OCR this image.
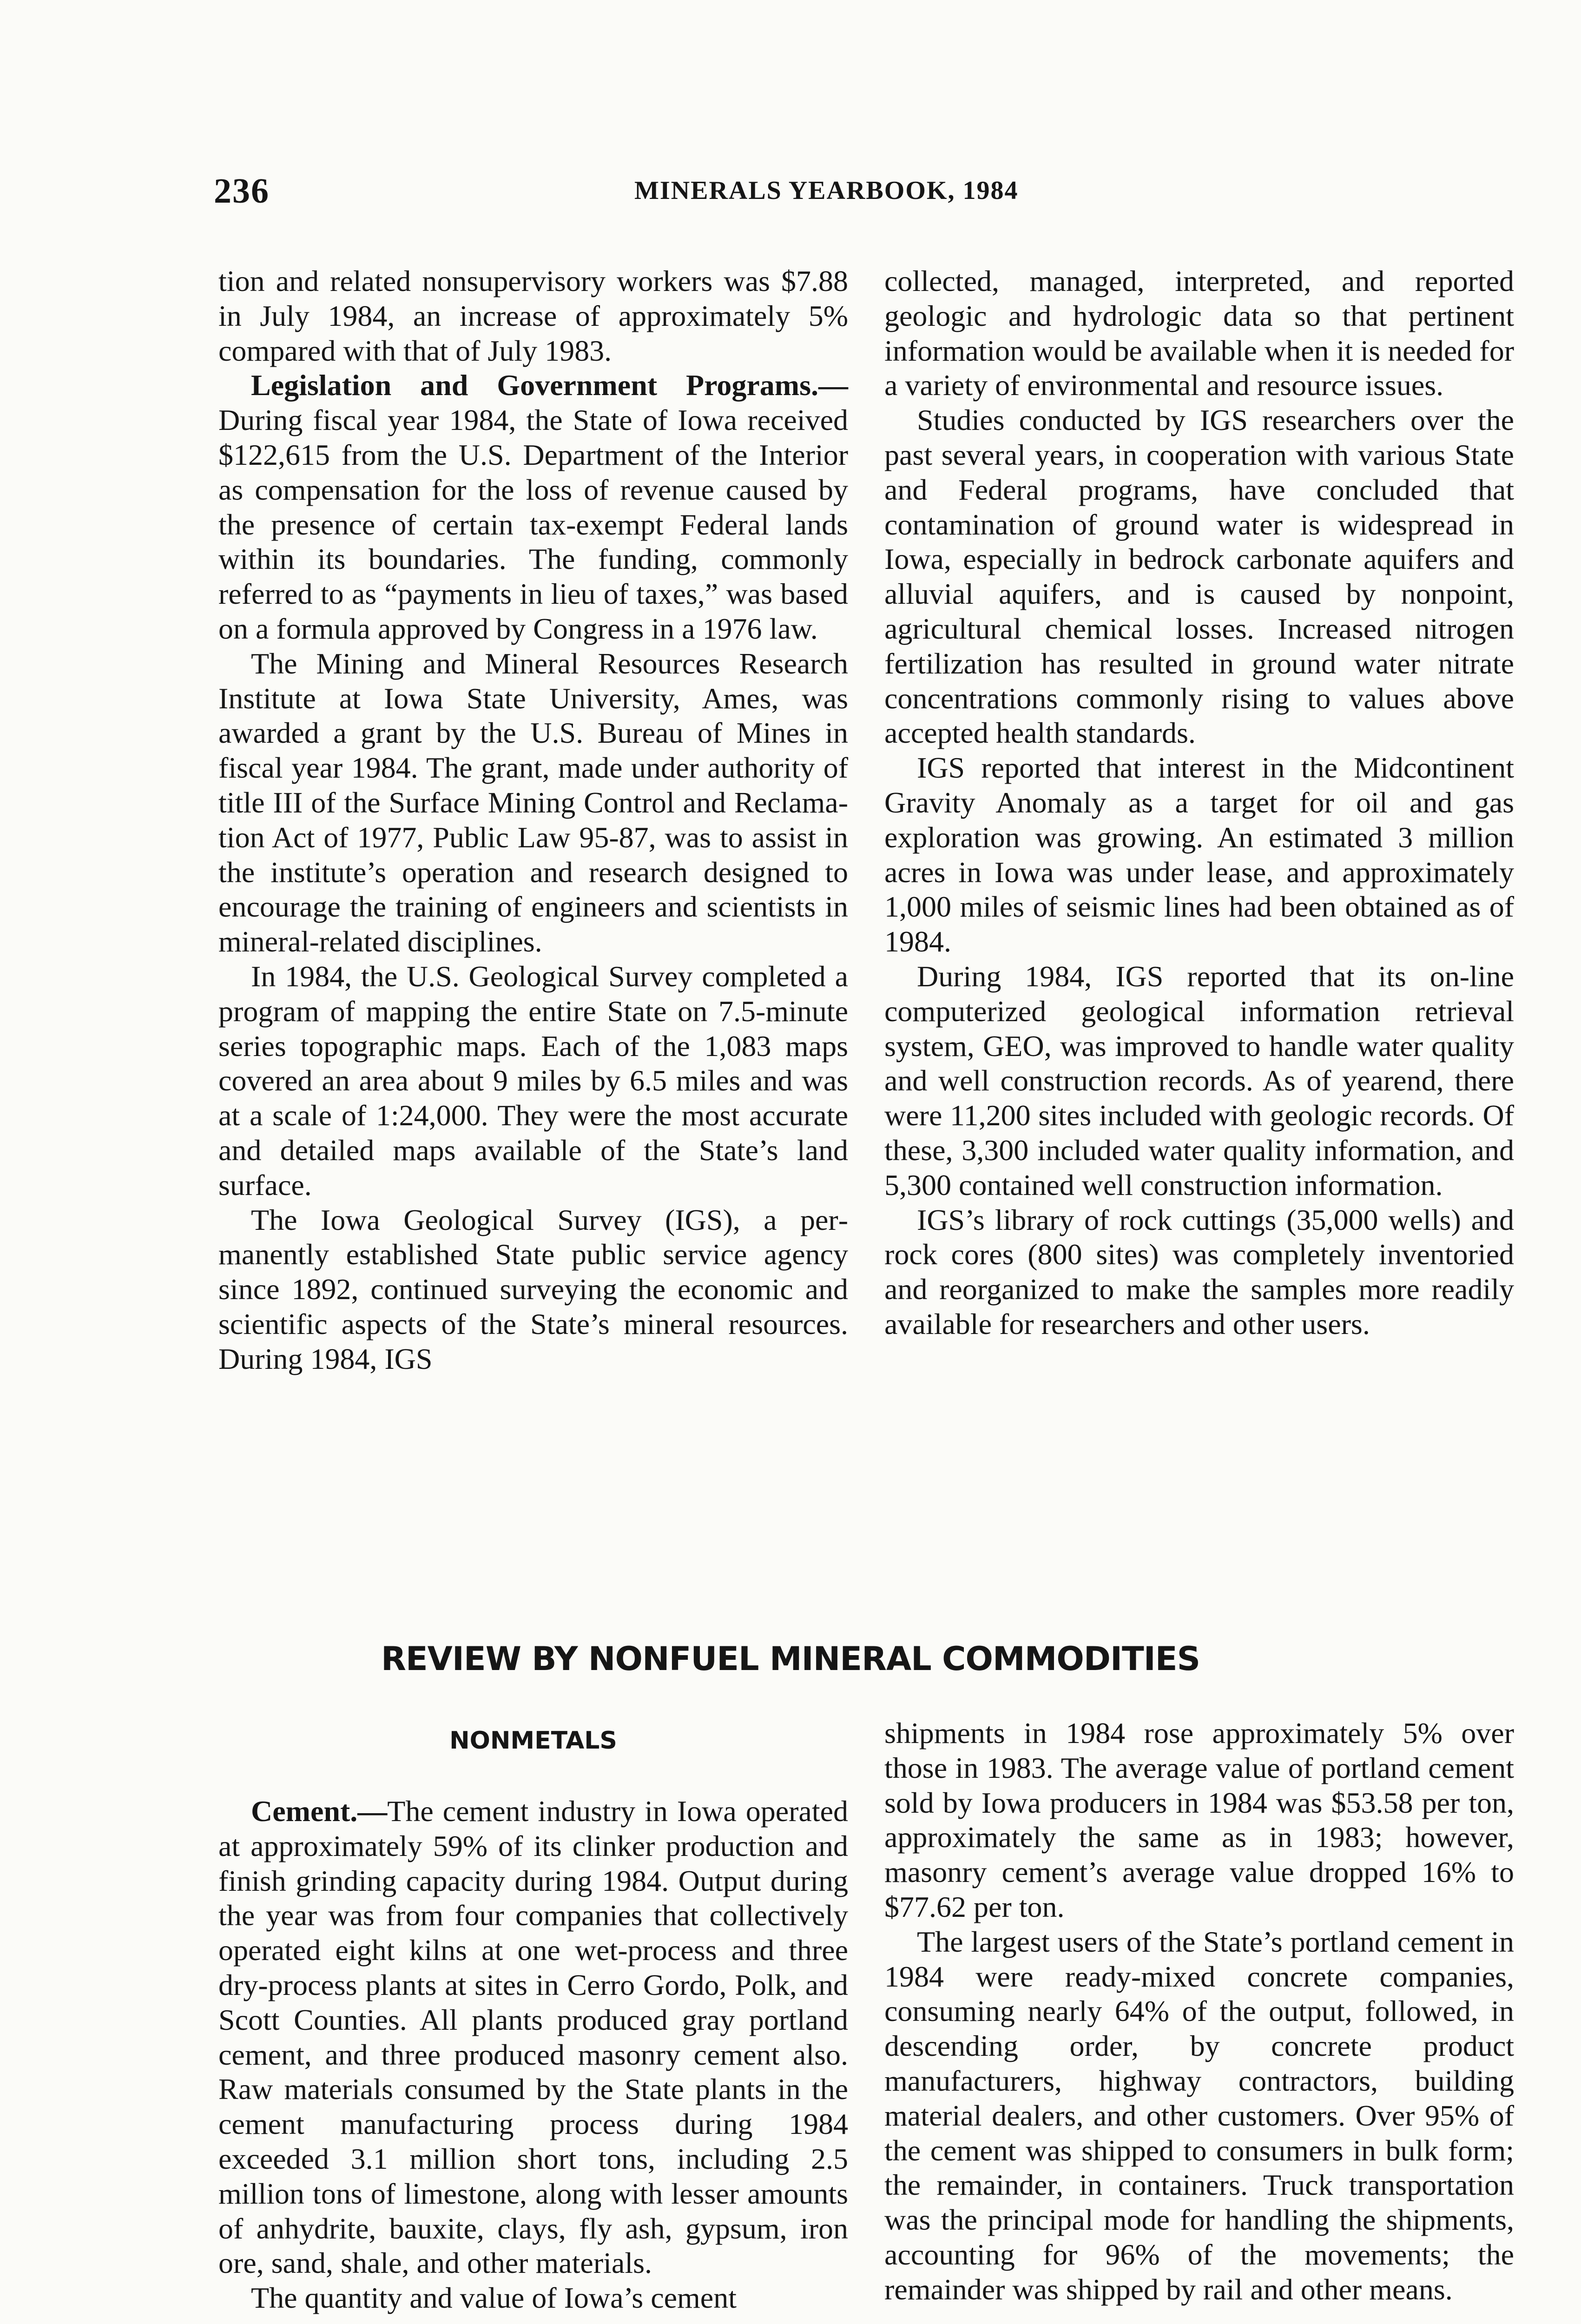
236	MINERALS YEARBOOK, 1984

tion and related nonsupervisory workers was $7.88 in July 1984, an increase of approximately 5% compared with that of July 1983.

Legislation and Government Programs.—During fiscal year 1984, the State of Iowa received $122,615 from the U.S. Department of the Interior as compensation for the loss of revenue caused by the presence of certain tax-exempt Federal lands within its boundaries. The funding, commonly referred to as “payments in lieu of taxes,” was based on a formula approved by Congress in a 1976 law.

The Mining and Mineral Resources Research Institute at Iowa State University, Ames, was awarded a grant by the U.S. Bureau of Mines in fiscal year 1984. The grant, made under authority of title III of the Surface Mining Control and Reclamation Act of 1977, Public Law 95-87, was to assist in the institute’s operation and research designed to encourage the training of engineers and scientists in mineral-related disciplines.

In 1984, the U.S. Geological Survey completed a program of mapping the entire State on 7.5-minute series topographic maps. Each of the 1,083 maps covered an area about 9 miles by 6.5 miles and was at a scale of 1:24,000. They were the most accurate and detailed maps available of the State’s land surface.

The Iowa Geological Survey (IGS), a permanently established State public service agency since 1892, continued surveying the economic and scientific aspects of the State’s mineral resources. During 1984, IGS

collected, managed, interpreted, and reported geologic and hydrologic data so that pertinent information would be available when it is needed for a variety of environmental and resource issues.

Studies conducted by IGS researchers over the past several years, in cooperation with various State and Federal programs, have concluded that contamination of ground water is widespread in Iowa, especially in bedrock carbonate aquifers and alluvial aquifers, and is caused by nonpoint, agricultural chemical losses. Increased nitrogen fertilization has resulted in ground water nitrate concentrations commonly rising to values above accepted health standards.

IGS reported that interest in the Midcontinent Gravity Anomaly as a target for oil and gas exploration was growing. An estimated 3 million acres in Iowa was under lease, and approximately 1,000 miles of seismic lines had been obtained as of 1984.

During 1984, IGS reported that its on-line computerized geological information retrieval system, GEO, was improved to handle water quality and well construction records. As of yearend, there were 11,200 sites included with geologic records. Of these, 3,300 included water quality information, and 5,300 contained well construction information.

IGS’s library of rock cuttings (35,000 wells) and rock cores (800 sites) was completely inventoried and reorganized to make the samples more readily available for researchers and other users.

REVIEW BY NONFUEL MINERAL COMMODITIES
NONMETALS

Cement.—The cement industry in Iowa operated at approximately 59% of its clinker production and finish grinding capacity during 1984. Output during the year was from four companies that collectively operated eight kilns at one wet-process and three dry-process plants at sites in Cerro Gordo, Polk, and Scott Counties. All plants produced gray portland cement, and three produced masonry cement also. Raw materials consumed by the State plants in the cement manufacturing process during 1984 exceeded 3.1 million short tons, including 2.5 million tons of limestone, along with lesser amounts of anhydrite, bauxite, clays, fly ash, gypsum, iron ore, sand, shale, and other materials.

The quantity and value of Iowa’s cement

shipments in 1984 rose approximately 5% over those in 1983. The average value of portland cement sold by Iowa producers in 1984 was $53.58 per ton, approximately the same as in 1983; however, masonry cement’s average value dropped 16% to $77.62 per ton.

The largest users of the State’s portland cement in 1984 were ready-mixed concrete companies, consuming nearly 64% of the output, followed, in descending order, by concrete product manufacturers, highway contractors, building material dealers, and other customers. Over 95% of the cement was shipped to consumers in bulk form; the remainder, in containers. Truck transportation was the principal mode for handling the shipments, accounting for 96% of the movements; the remainder was shipped by rail and other means.
